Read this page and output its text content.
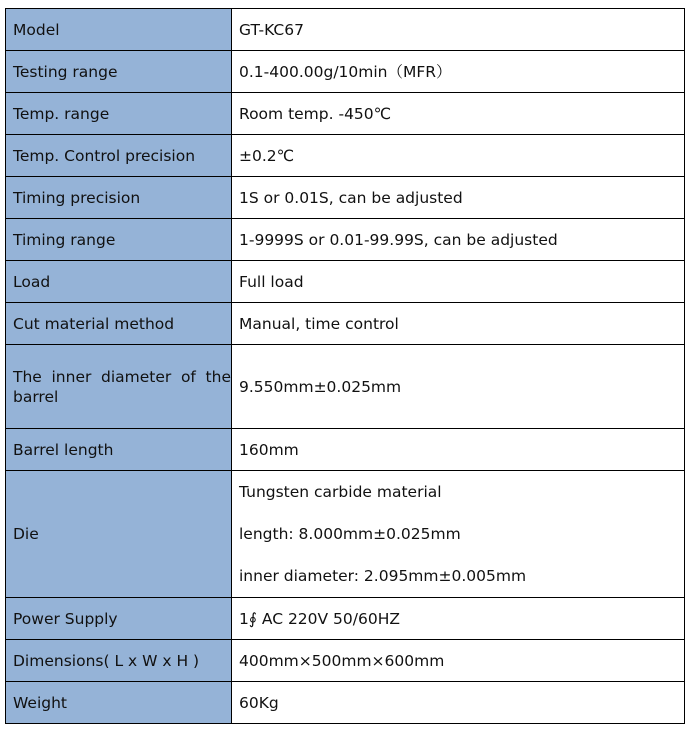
Model	GT-KC67
Testing range	0.1-400.00g/10min（MFR）
Temp. range	Room temp. -450℃
Temp. Control precision	±0.2℃
Timing precision	1S or 0.01S, can be adjusted
Timing range	1-9999S or 0.01-99.99S, can be adjusted
Load	Full load
Cut material method	Manual, time control
The inner diameter of the barrel	9.550mm±0.025mm
Barrel length	160mm
Die	Tungsten carbide material
length: 8.000mm±0.025mm
inner diameter: 2.095mm±0.005mm

Power Supply	1∮ AC 220V 50/60HZ
Dimensions( L x W x H )	400mm×500mm×600mm
Weight	60Kg
